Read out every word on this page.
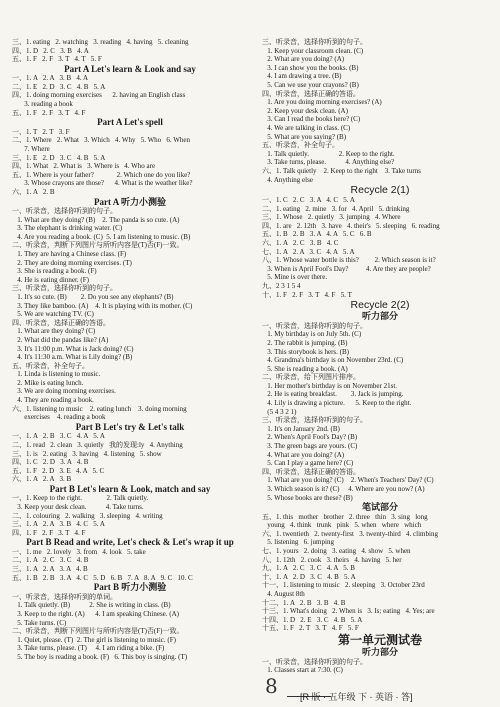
三、1. eating   2. watching   3. reading   4. having   5. cleaning
四、1. D   2. C   3. B   4. A
五、1. F   2. F   3. T   4. T   5. F
Part A Let's learn & Look and say
一、1. A   2. A   3. B   4. A
二、1. E   2. D   3. C   4. B   5. A
四、1. doing morning exercises      2. having an English class
3. reading a book
五、1. F   2. F   3. T   4. F
Part A Let's spell
一、1. T   2. T   3. F
二、1. Where   2. What   3. Which   4. Why   5. Who   6. When
7. Where
三、1. E   2. D   3. C   4. B   5. A
四、1. What   2. What is   3. Where is   4. Who are
五、1. Where is your father?             2. Which one do you like?
3. Whose crayons are those?      4. What is the weather like?
六、1. A   2. B
Part A 听力小测验
一、听录音，选择你听到的句子。
1. What are they doing? (B)    2. The panda is so cute. (A)
3. The elephant is drinking water. (C)
4. Are you reading a book. (C)  5. I am listening to music. (B)
二、听录音，判断下列图片与所听内容是(T)否(F)一致。
1. They are having a Chinese class. (F)
2. They are doing morning exercises. (T)
3. She is reading a book. (F)
4. He is eating dinner. (F)
三、听录音，选择你听到的句子。
1. It's so cute. (B)        2. Do you see any elephants? (B)
3. They like bamboo. (A)    4. It is playing with its mother. (C)
5. We are watching TV. (C)
四、听录音，选择正确的答语。
1. What are they doing? (C)
2. What did the pandas like? (A)
3. It's 11:00 p.m. What is Jack doing? (C)
4. It's 11:30 a.m. What is Lily doing? (B)
五、听录音，补全句子。
1. Linda is listening to music.
2. Mike is eating lunch.
3. We are doing morning exercises.
4. They are reading a book.
六、1. listening to music    2. eating lunch    3. doing morning
exercises    4. reading a book
Part B Let's try & Let's talk
一、1. A   2. B   3. C   4. A   5. A
二、1. read   2. clean   3. quietly   我的发现:ly   4. Anything
三、1. is   2. eating   3. having   4. listening   5. show
四、1. C   2. D   3. A   4. B
五、1. F   2. D   3. E   4. A   5. C
六、1. A   2. A   3. B
Part B Let's learn & Look, match and say
一、1. Keep to the right.              2. Talk quietly.
3. Keep your desk clean.           4. Take turns.
二、1. colouring   2. walking   3. sleeping   4. writing
三、1. A   2. A   3. B   4. C   5. A
四、1. F   2. F   3. T   4. F
Part B Read and write, Let's check & Let's wrap it up
一、1. me   2. lovely   3. from   4. look   5. take
二、1. A   2. C   3. C   4. B
三、1. A   2. A   3. A   4. B
五、1. B   2. B   3. A   4. C   5. D   6. B   7. A   8. A   9. C   10. C
Part B 听力小测验
一、听录音，选择你听到的单词。
1. Talk quietly. (B)           2. She is writing in class. (B)
3. Keep to the right. (A)      4. I am speaking Chinese. (A)
5. Take turns. (C)
二、听录音，判断下列图片与所听内容是(T)否(F)一致。
1. Quiet, please. (T)  2. The girl is listening to music. (F)
3. Take turns, please. (T)     4. I am riding a bike. (F)
5. The boy is reading a book. (F)   6. This boy is singing. (T)
三、听录音，选择你听到的句子。
1. Keep your classroom clean. (C)
2. What are you doing? (A)
3. I can show you the books. (B)
4. I am drawing a tree. (B)
5. Can we use your crayons? (B)
四、听录音，选择正确的答语。
1. Are you doing morning exercises? (A)
2. Keep your desk clean. (A)
3. Can I read the books here? (C)
4. We are talking in class. (C)
5. What are you saying? (B)
五、听录音，补全句子。
1. Talk quietly.                 2. Keep to the right.
3. Take turns, please.           4. Anything else?
六、1. Talk quietly    2. Keep to the right    3. Take turns
4. Anything else
Recycle 2(1)
一、1. C   2. C   3. A   4. C   5. A
二、1. eating   2. mine   3. for   4. April   5. drinking
三、1. Whose   2. quietly   3. jumping   4. Where
四、1. are   2. 12th   3. have   4. their's   5. sleeping   6. reading
五、1. B   2. B   3. A   4. A   5. C   6. B
六、1. A   2. C   3. B   4. C
七、1. A   2. A   3. C   4. A   5. A
八、1. Whose water bottle is this?         2. Which season is it?
3. When is April Fool's Day?          4. Are they are people?
5. Mine is over there.
九、2 3 1 5 4
十、1. F   2. F   3. T   4. F   5. T
Recycle 2(2)
听力部分
一、听录音，选择你听到的句子。
1. My birthday is on July 5th. (C)
2. The rabbit is jumping. (B)
3. This storybook is hers. (B)
4. Grandma's birthday is on November 23rd. (C)
5. She is reading a book. (A)
二、听录音，给下列图片排序。
1. Her mother's birthday is on November 21st.
2. He is eating breakfast.        3. Jack is jumping.
4. Lily is drawing a picture.      5. Keep to the right.
(5 4 3 2 1)
三、听录音，选择你听到的句子。
1. It's on January 2nd. (B)
2. When's April Fool's Day? (B)
3. The green bags are yours. (C)
4. What are you doing? (A)
5. Can I play a game here? (C)
四、听录音，选择正确的答语。
1. What are you doing? (C)    2. When's Teachers' Day? (C)
3. Which season is it? (C)     4. Where are you now? (A)
5. Whose books are these? (B)
笔试部分
五、1. this   mother   brother   2. three   thin   3. sing   long
young   4. think   trunk   pink   5. when   where   which
六、1. twentieth   2. twenty-first   3. twenty-third   4. climbing
5. listening   6. jumping
七、1. yours   2. doing   3. eating   4. show   5. when
八、1. 12th   2. cook   3. theirs   4. having   5. her
九、1. A   2. C   3. C   4. A   5. B
十、1. A   2. D   3. C   4. B   5. A
十一、1. listening to music   2. sleeping   3. October 23rd
4. August 8th
十二、1. A   2. B   3. B   4. B
十三、1. What's doing   2. When is   3. Is; eating   4. Yes; are
十四、1. D   2. E   3. C   4. B   5. A
十五、1. F   2. T   3. T   4. F   5. F
第一单元测试卷
听力部分
一、听录音，选择你听到的句子。
1. Classes start at 7:30. (C)
8 [R 版 · 五年级 下 · 英语 · 答]
